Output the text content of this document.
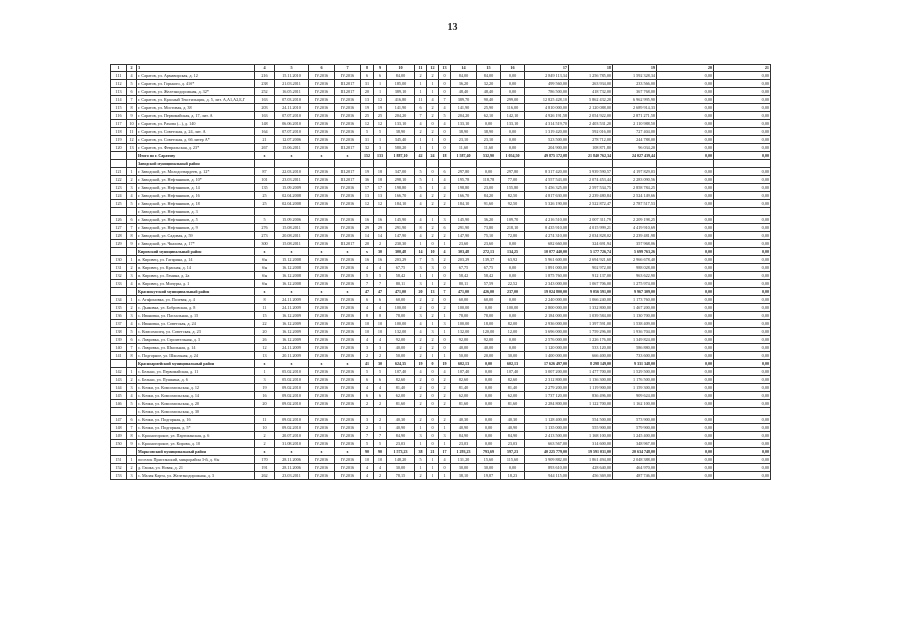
13
1	2	3	4	5	6	7	8	9	10	11	12	13	14	15	16	17	18	19	20	21
111	4	г. Саратов, ул. Армавирская, д. 12	216	15.11.2010	IV.2016	IV.2016	6	6	84,00	2	2	0	84,00	84,00	0,00	2 849 113,34	1 256 785,00	1 592 328,34	0,00	0,00
112	5	г. Саратов, ул. Горького, д. 41б*	238	21.03.2011	IV.2016	III.2017	31	1	185,00	1	1	0	36,20	32,20	0,00	499 560,00	263 934,00	233 566,00	0,00	0,00
113	6	г. Саратов, ул. Железнодорожная, д. 32*	252	16.05.2011	IV.2016	III.2017	20	1	389,10	1	1	0	48,40	48,40	0,00	786 500,00	418 732,00	367 768,00	0,00	0,00
114	7	г. Саратов, ул. Красный Текстильщик, д. 5, лит. А,А1,А2,Б,Г	163	07.03.2010	IV.2016	IV.2016	13	12	416,80	11	4	7	389,70	90,40	299,00	12 825 428,10	5 862 432,20	6 962 995,90	0,00	0,00
115	8	г. Саратов, ул. Мостовая, д. 38	203	24.11.2010	IV.2016	IV.2016	19	19	141,90	6	2	4	141,90	25,90	116,00	4 810 000,00	2 120 088,00	2 689 914,33	0,00	0,00
116	9	г. Саратов, ул. Первомайская, д. 17, лит. А	163	07.07.2010	IV.2016	IV.2016	25	25	204,20	7	2	5	204,20	62,10	142,10	4 926 191,58	2 054 922,00	2 871 271,58	0,00	0,00
117	10	г. Саратов, ул. Рахова (...), д. 140	148	06.06.2010	IV.2016	IV.2016	12	12	133,10	4	0	4	133,10	0,00	133,10	4 314 519,70	2 403 531,20	2 110 988,50	0,00	0,00
118	11	г. Саратов, ул. Советская, д. 24, лит. А	164	07.07.2010	IV.2016	IV.2016	5	5	38,90	2	2	0	38,90	38,90	0,00	1 319 420,00	592 016,00	727 404,00	0,00	0,00
119	12	г. Саратов, ул. Советская, д. 66 литер А*	21	12.07.2006	IV.2016	IV.2016	31	1	345,40	1	1	0	23,10	23,10	0,00	523 500,00	278 712,00	244 788,00	0,00	0,00
120	13	г. Саратов, ул. Февральская, д. 23*	267	15.06.2011	IV.2016	III.2017	32	3	580,20	1	1	0	11,60	11,60	0,00	204 900,00	108 871,80	96 034,20	0,00	0,00
		Итого по г. Саратову	x	x	x	x	152	133	1 887,10	42	24	18	1 587,40	532,90	1 054,50	49 875 172,08	21 840 762,34	24 027 439,44	0,00	0,00
		Заводской муниципальный район																		
121	1	г. Заводской, ул. Молодогвардеев, д. 12*	87	22.03.2010	IV.2016	III.2017	19	18	347,00	5	0	6	297,80	0,00	297,80	8 317 420,00	3 939 590,57	4 197 829,03	0,00	0,00
122	2	г. Заводской, ул. Нефтяников, д. 10*	101	23.03.2011	IV.2016	III.2017	36	18	298,10	5	1	4	195,78	118,78	77,00	4 557 543,00	2 074 453,44	2 283 090,56	0,00	0,00
123	3	г. Заводской, ул. Нефтяников, д. 14	135	15.09.2009	IV.2016	IV.2016	17	17	198,80	5	1	4	198,80	23,00	155,80	5 456 325,00	2 597 534,75	2 858 784,25	0,00	0,00
124	4	г. Заводской, ул. Нефтяников, д. 16	25	02.04.2008	IV.2016	IV.2016	13	13	166,70	4	2	2	166,70	84,20	82,50	4 817 630,00	2 239 480,84	2 524 149,66	0,00	0,00
125	5	г. Заводской, ул. Нефтяников, д. 18	25	02.04.2008	IV.2016	IV.2016	12	12	184,10	4	2	2	184,10	91,60	92,50	5 326 190,00	2 522 872,47	2 787 517,53	0,00	0,00
		г. Заводской, ул. Нефтяников, д. 3																		
126	6	г. Заводской, ул. Нефтяников, д. 5	5	15.09.2006	IV.2016	IV.2016	16	16	145,90	4	1	3	145,90	36,20	109,70	4 216 510,00	2 007 311,79	2 209 198,25	0,00	0,00
127	7	г. Заводской, ул. Нефтяников, д. 9	276	15.08.2011	IV.2016	IV.2016	29	29	291,90	8	2	6	291,90	73,80	218,10	8 435 910,08	4 015 999,21	4 419 910,69	0,00	0,00
128	8	г. Заводской, ул. Садовая, д. 59	273	20.08.2011	IV.2016	IV.2016	14	14	147,90	4	2	2	147,90	75,10	72,80	4 274 310,00	2 034 828,02	2 239 481,98	0,00	0,00
129	9	г. Заводской, ул. Чкалова, д. 17*	300	15.08.2011	IV.2016	III.2017	20	2	230,30	1	0	1	23,60	23,60	0,00	682 660,00	324 691,94	357 968,06	0,00	0,00
		Кировский муниципальный район	x	x	x	x	x	30	300,48	14	10	4	303,48	272,13	134,25	10 077 440,00	5 177 726,74	5 699 763,26	0,00	0,00
130	1	п. Кировец, ул. Гагарина, д. 14	б/н	15.12.2008	IV.2016	IV.2016	16	16	203,29	7	5	2	203,29	139,37	63,92	5 961 600,00	2 694 921,60	2 966 678,40	0,00	0,00
131	2	п. Кировец, ул. Красная, д. 14	б/н	16.12.2008	IV.2016	IV.2016	4	4	67,75	3	3	0	67,75	67,75	0,00	1 891 000,00	902 972,00	988 028,00	0,00	0,00
132	3	п. Кировец, ул. Ленина, д. 2а	б/н	16.12.2008	IV.2016	IV.2016	5	5	58,42	1	1	0	58,42	58,42	0,00	1 875 760,00	912 137,00	963 622,90	0,00	0,00
133	4	п. Кировец, ул. Мичуры, д. 1	б/н	16.12.2008	IV.2016	IV.2016	7	7	80,11	3	1	2	80,11	57,59	22,52	2 343 000,00	1 067 706,00	1 275 974,00	0,00	0,00
		Краснокутский муниципальный район	x	x	x	x	47	47	471,00	20	13	7	471,00	426,00	237,00	19 024 800,00	9 056 591,00	9 967 309,00	0,00	0,00
134	1	с. Агафоновка, ул. Полевая, д. 4	8	24.11.2009	IV.2016	IV.2016	6	6	60,00	2	2	0	60,00	60,00	0,00	2 240 000,00	1 066 240,00	1 173 760,00	0,00	0,00
135	2	с. Дьяковка, ул. Бобровская, д. 8	11	24.11.2009	IV.2016	IV.2016	4	4	100,00	2	0	2	100,00	0,00	100,00	2 800 000,00	1 332 800,00	1 467 200,00	0,00	0,00
136	3	с. Ивановка, ул. Пасхальная, д. 15	15	16.12.2009	IV.2016	IV.2016	8	8	78,00	3	2	1	78,00	78,00	0,00	2 184 000,00	1 039 584,00	1 130 700,00	0,00	0,00
137	4	с. Ивановка, ул. Советская, д. 24	22	16.12.2009	IV.2016	IV.2016	10	10	100,00	4	1	3	100,00	18,00	82,00	2 936 000,00	1 397 591,00	1 538 409,00	0,00	0,00
138	5	с. Комсомолец, ул. Советская, д. 23	20	16.12.2009	IV.2016	IV.2016	10	10	132,00	4	3	1	132,00	120,00	12,00	3 696 000,00	1 759 296,00	1 936 704,00	0,00	0,00
139	6	с. Лавровка, ул. Строительная, д. 3	26	16.12.2009	IV.2016	IV.2016	4	4	92,00	2	2	0	92,00	92,00	0,00	2 576 000,00	1 226 176,00	1 349 824,00	0,00	0,00
140	7	с. Лавровка, ул. Школьная, д. 14	12	24.11.2009	IV.2016	IV.2016	3	3	40,00	2	2	0	40,00	40,00	0,00	1 120 000,00	533 120,00	586 880,00	0,00	0,00
141	8	с. Подгорное, ул. Школьная, д. 24	13	20.11.2009	IV.2016	IV.2016	2	2	50,00	2	1	1	50,00	20,00	30,00	1 400 000,00	666 400,00	733 600,00	0,00	0,00
		Красноармейский муниципальный район	x	x	x	x	41	30	624,35	19	0	19	602,13	0,00	602,13	17 626 497,00	8 298 149,00	9 331 348,00	0,00	0,00
142	1	с. Бельки, ул. Первомайская, д. 11	1	05.02.2010	IV.2016	IV.2016	5	5	107,40	4	0	4	107,40	0,00	107,40	3 007 200,00	1 477 700,00	1 529 500,00	0,00	0,00
143	2	с. Бельки, ул. Пушкина, д. 6	3	05.02.2010	IV.2016	IV.2016	6	6	82,60	2	0	2	82,60	0,00	82,60	2 312 800,00	1 136 300,00	1 176 500,00	0,00	0,00
144	3	с. Кочки, ул. Комсомольская, д. 12	19	09.02.2010	IV.2016	IV.2016	4	4	81,40	2	0	2	81,40	0,00	81,40	2 279 200,00	1 119 900,00	1 159 300,00	0,00	0,00
145	4	с. Кочки, ул. Комсомольская, д. 14	16	09.02.2010	IV.2016	IV.2016	6	6	62,00	2	0	2	62,00	0,00	62,00	1 737 120,00	836 496,00	909 624,00	0,00	0,00
146	5	с. Кочки, ул. Комсомольская, д. 20	20	09.02.2010	IV.2016	IV.2016	2	2	81,60	2	0	2	81,60	0,00	81,60	2 284 800,00	1 122 700,00	1 162 100,00	0,00	0,00
		с. Кочки, ул. Комсомольская, д. 30																		
147	6	с. Кочки, ул. Подгорная, д. 16	11	09.02.2010	IV.2016	IV.2016	3	2	40,30	2	0	2	40,30	0,00	40,30	1 128 400,00	554 500,00	573 900,00	0,00	0,00
148	7	с. Кочки, ул. Подгорная, д. 5*	10	09.02.2010	IV.2016	IV.2016	2	1	40,90	1	0	1	40,90	0,00	40,90	1 135 000,00	555 900,00	579 900,00	0,00	0,00
149	8	с. Красногорское, ул. Партизанская, д. 6	2	20.07.2010	IV.2016	IV.2016	7	7	84,90	3	0	3	84,90	0,00	84,90	2 413 500,00	1 168 100,00	1 245 400,00	0,00	0,00
150	9	с. Красногорское, ул. Кирова, д. 10	2	31.08.2010	IV.2016	IV.2016	5	5	23,03	1	0	1	23,03	0,00	23,03	663 567,00	314 600,00	348 967,00	0,00	0,00
		Марксовский муниципальный район	x	x	x	x	90	90	1 573,23	38	21	17	1 293,23	793,69	597,23	40 225 779,00	19 591 031,00	20 634 748,00	0,00	0,00
151	1	поселок Пристанский, микрорайон 3-й, д. б/н	170	28.11.2006	IV.2016	IV.2016	10	10	148,20	5	1	4	131,20	15,60	115,60	3 909 882,00	1 861 494,00	2 048 388,00	0,00	0,00
152	2	д. Гашка, ул. Новая, д. 21	191	28.11.2006	IV.2016	IV.2016	4	4	30,00	1	1	0	30,00	30,00	0,00	893 610,00	428 640,00	464 970,00	0,00	0,00
153	3	с. Малая Карта, ул. Железнодорожная, д. 3	262	23.03.2011	IV.2016	IV.2016	4	2	78,15	2	1	1	38,10	19,87	18,23	944 115,00	456 369,00	487 746,00	0,00	0,00
